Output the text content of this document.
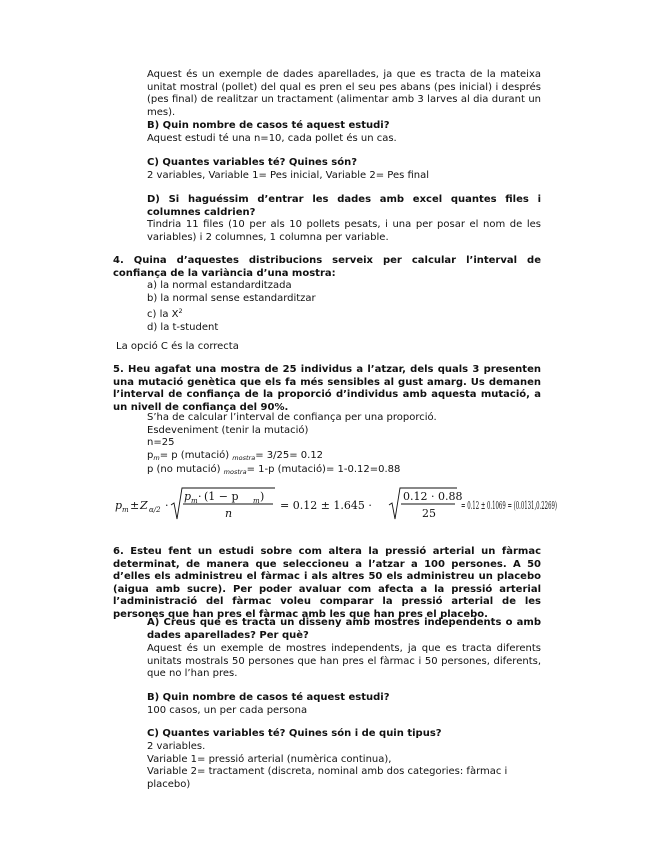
Aquest és un exemple de dades aparellades, ja que es tracta de la mateixa unitat mostral (pollet) del qual es pren el seu pes abans (pes inicial) i després (pes final) de realitzar un tractament (alimentar amb 3 larves al dia durant un mes).
B) Quin nombre de casos té aquest estudi?
Aquest estudi té una n=10, cada pollet és un cas.
C) Quantes variables té? Quines són?
2 variables, Variable 1= Pes inicial, Variable 2= Pes final
D) Si haguéssim d’entrar les dades amb excel quantes files i columnes caldrien?
Tindria 11 files (10 per als 10 pollets pesats, i una per posar el nom de les variables) i 2 columnes, 1 columna per variable.
4. Quina d’aquestes distribucions serveix per calcular l’interval de confiança de la variància d’una mostra:
a) la normal estandarditzada
b) la normal sense estandarditzar
c) la $X^2$
d) la t-student
La opció C és la correcta
5. Heu agafat una mostra de 25 individus a l’atzar, dels quals 3 presenten una mutació genètica que els fa més sensibles al gust amarg. Us demanen l’interval de confiança de la proporció d’individus amb aquesta mutació, a un nivell de confiança del 90%.
S’ha de calcular l’interval de confiança per una proporció.
Esdeveniment (tenir la mutació)
n=25
$p_m= p$ (mutació) $_{mostra}$= 3/25= 0.12
p (no mutació) $_{mostra}$= 1-p (mutació)= 1-0.12=0.88
p m ± Z α/2 ·
p m · (1 − p m )
n
= 0.12 ± 1.645 ·
0.12 · 0.88
25
= 0.12 ± 0.1069 = (0.0131,0.2269)
6. Esteu fent un estudi sobre com altera la pressió arterial un fàrmac determinat, de manera que seleccioneu a l’atzar a 100 persones. A 50 d’elles els administreu el fàrmac i als altres 50 els administreu un placebo (aigua amb sucre). Per poder avaluar com afecta a la pressió arterial l’administració del fàrmac voleu comparar la pressió arterial de les persones que han pres el fàrmac amb les que han pres el placebo.
A) Creus que es tracta un disseny amb mostres independents o amb dades aparellades? Per què?
Aquest és un exemple de mostres independents, ja que es tracta diferents unitats mostrals 50 persones que han pres el fàrmac i 50 persones, diferents, que no l’han pres.
B) Quin nombre de casos té aquest estudi?
100 casos, un per cada persona
C) Quantes variables té? Quines són i de quin tipus?
2 variables.
Variable 1= pressió arterial (numèrica continua),
Variable 2= tractament (discreta, nominal amb dos categories: fàrmac i placebo)
